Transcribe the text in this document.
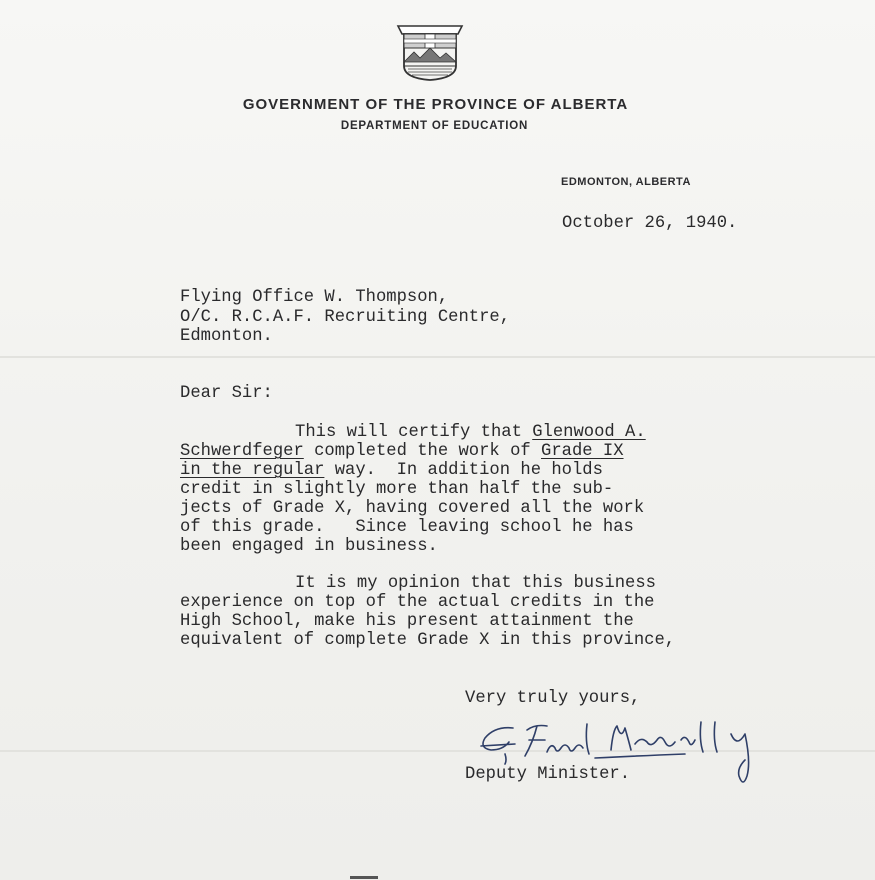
GOVERNMENT OF THE PROVINCE OF ALBERTA
DEPARTMENT OF EDUCATION
EDMONTON, ALBERTA
October 26, 1940.
Flying Office W. Thompson,
O/C. R.C.A.F. Recruiting Centre,
Edmonton.
Dear Sir:
This will certify that Glenwood A.
Schwerdfeger completed the work of Grade IX
in the regular way.  In addition he holds
credit in slightly more than half the sub-
jects of Grade X, having covered all the work
of this grade.   Since leaving school he has
been engaged in business.
It is my opinion that this business
experience on top of the actual credits in the
High School, make his present attainment the
equivalent of complete Grade X in this province,
Very truly yours,
Deputy Minister.
